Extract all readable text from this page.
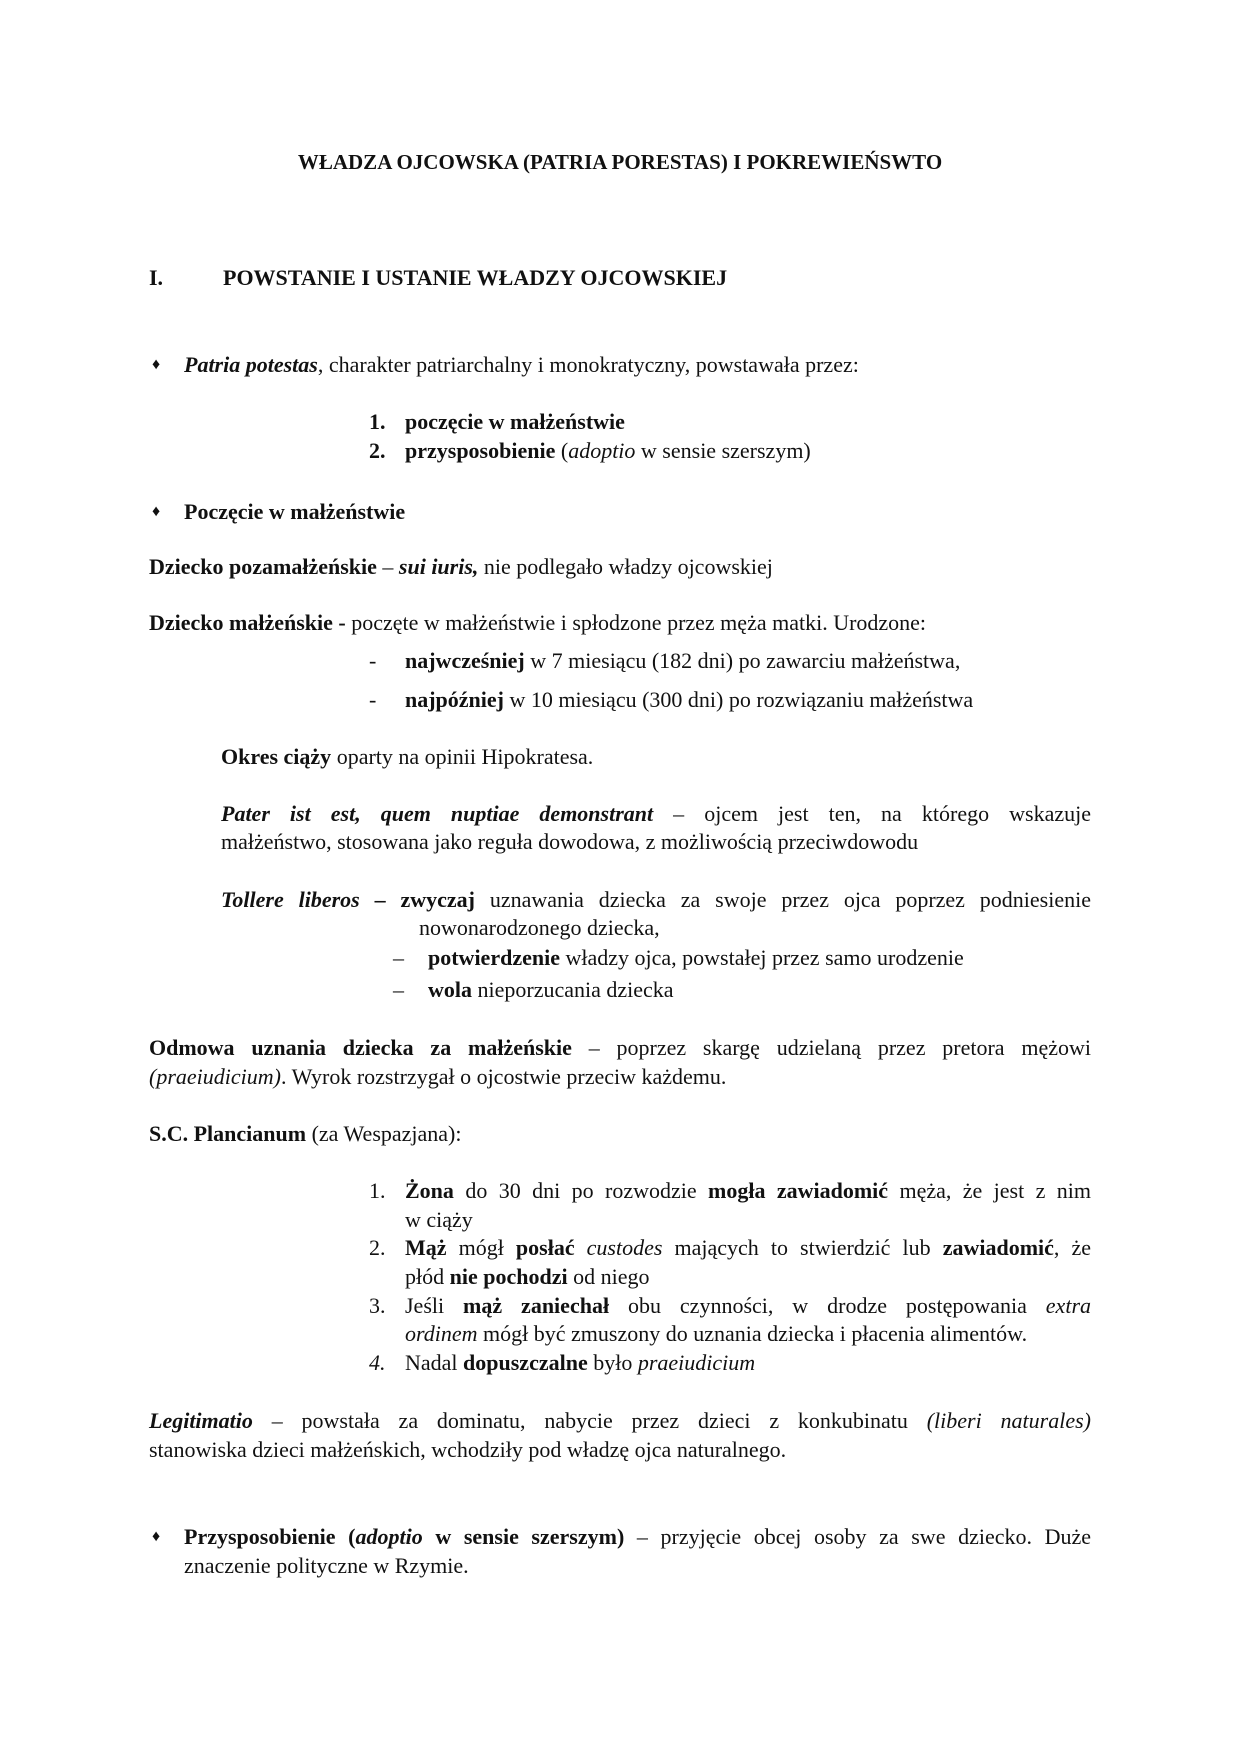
WŁADZA OJCOWSKA (PATRIA PORESTAS) I POKREWIEŃSWTO
I.	POWSTANIE I USTANIE WŁADZY OJCOWSKIEJ
♦ Patria potestas, charakter patriarchalny i monokratyczny, powstawała przez:
1. poczęcie w małżeństwie
2. przysposobienie (adoptio w sensie szerszym)
♦ Poczęcie w małżeństwie
Dziecko pozamałżeńskie – sui iuris, nie podlegało władzy ojcowskiej
Dziecko małżeńskie - poczęte w małżeństwie i spłodzone przez męża matki. Urodzone:
- najwcześniej w 7 miesiącu (182 dni) po zawarciu małżeństwa,
- najpóźniej w 10 miesiącu (300 dni) po rozwiązaniu małżeństwa
Okres ciąży oparty na opinii Hipokratesa.
Pater ist est, quem nuptiae demonstrant – ojcem jest ten, na którego wskazuje
małżeństwo, stosowana jako reguła dowodowa, z możliwością przeciwdowodu
Tollere liberos – zwyczaj uznawania dziecka za swoje przez ojca poprzez podniesienie
nowonarodzonego dziecka,
– potwierdzenie władzy ojca, powstałej przez samo urodzenie
– wola nieporzucania dziecka
Odmowa uznania dziecka za małżeńskie – poprzez skargę udzielaną przez pretora mężowi
(praeiudicium). Wyrok rozstrzygał o ojcostwie przeciw każdemu.
S.C. Plancianum (za Wespazjana):
1. Żona do 30 dni po rozwodzie mogła zawiadomić męża, że jest z nim
w ciąży
2. Mąż mógł posłać custodes mających to stwierdzić lub zawiadomić, że
płód nie pochodzi od niego
3. Jeśli mąż zaniechał obu czynności, w drodze postępowania extra
ordinem mógł być zmuszony do uznania dziecka i płacenia alimentów.
4. Nadal dopuszczalne było praeiudicium
Legitimatio – powstała za dominatu, nabycie przez dzieci z konkubinatu (liberi naturales)
stanowiska dzieci małżeńskich, wchodziły pod władzę ojca naturalnego.
♦ Przysposobienie (adoptio w sensie szerszym) – przyjęcie obcej osoby za swe dziecko. Duże
znaczenie polityczne w Rzymie.
